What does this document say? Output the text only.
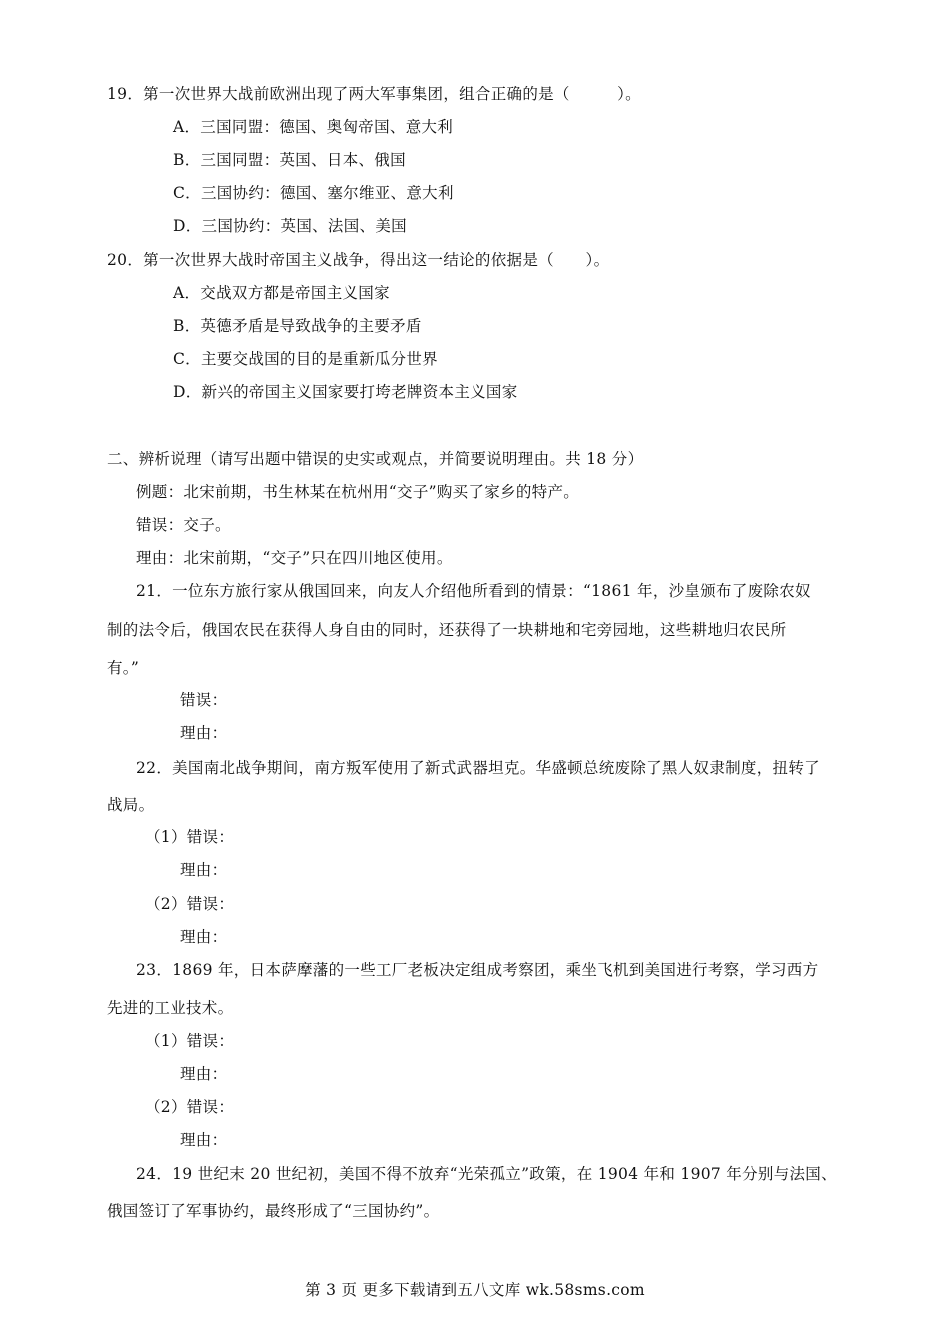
19．第一次世界大战前欧洲出现了两大军事集团，组合正确的是（　　　）。
A．三国同盟：德国、奥匈帝国、意大利
B．三国同盟：英国、日本、俄国
C．三国协约：德国、塞尔维亚、意大利
D．三国协约：英国、法国、美国
20．第一次世界大战时帝国主义战争，得出这一结论的依据是（　　）。
A．交战双方都是帝国主义国家
B．英德矛盾是导致战争的主要矛盾
C．主要交战国的目的是重新瓜分世界
D．新兴的帝国主义国家要打垮老牌资本主义国家
二、辨析说理（请写出题中错误的史实或观点，并简要说明理由。共 18 分）
例题：北宋前期，书生林某在杭州用“交子”购买了家乡的特产。
错误：交子。
理由：北宋前期，“交子”只在四川地区使用。
21．一位东方旅行家从俄国回来，向友人介绍他所看到的情景：“1861 年，沙皇颁布了废除农奴
制的法令后，俄国农民在获得人身自由的同时，还获得了一块耕地和宅旁园地，这些耕地归农民所
有。”
错误：
理由：
22．美国南北战争期间，南方叛军使用了新式武器坦克。华盛顿总统废除了黑人奴隶制度，扭转了
战局。
（1）错误：
理由：
（2）错误：
理由：
23．1869 年，日本萨摩藩的一些工厂老板决定组成考察团，乘坐飞机到美国进行考察，学习西方
先进的工业技术。
（1）错误：
理由：
（2）错误：
理由：
24．19 世纪末 20 世纪初，美国不得不放弃“光荣孤立”政策，在 1904 年和 1907 年分别与法国、
俄国签订了军事协约，最终形成了“三国协约”。
第 3 页 更多下载请到五八文库 wk.58sms.com
